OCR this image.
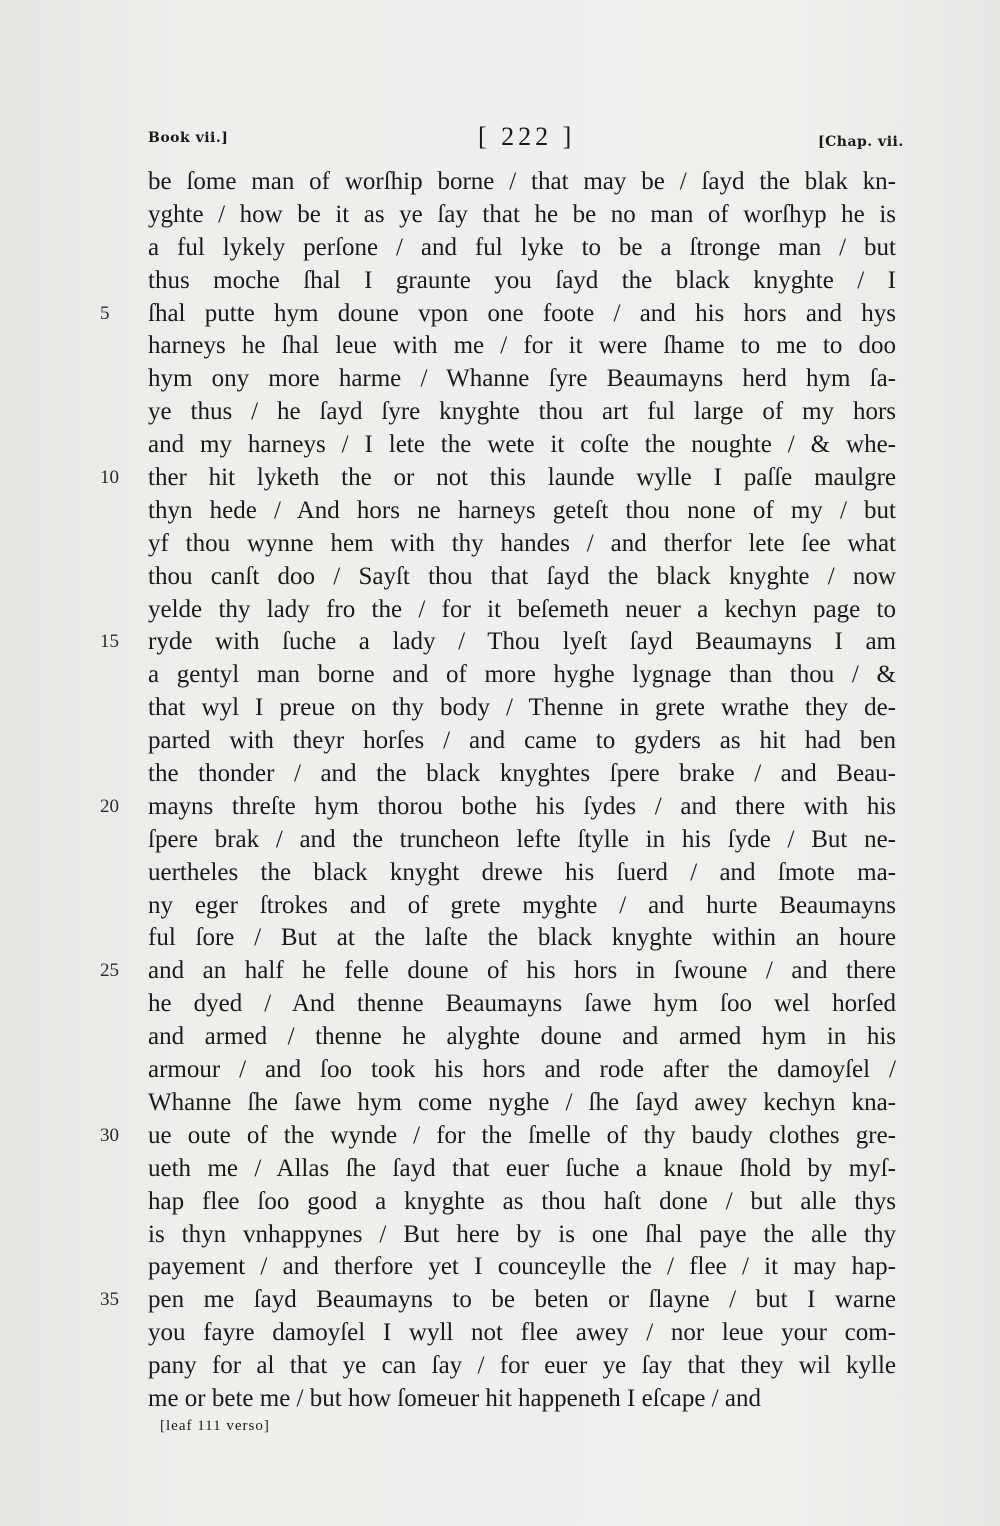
Book vii.]	[ 222 ]	[Chap. vii.
be ſome man of worſhip borne / that may be / ſayd the blak kn-
yghte / how be it as ye ſay that he be no man of worſhyp he is
a ful lykely perſone / and ful lyke to be a ſtronge man / but
thus moche ſhal I graunte you ſayd the black knyghte / I
5	ſhal putte hym doune vpon one foote / and his hors and hys
harneys he ſhal leue with me / for it were ſhame to me to doo
hym ony more harme / Whanne ſyre Beaumayns herd hym ſa-
ye thus / he ſayd ſyre knyghte thou art ful large of my hors
and my harneys / I lete the wete it coſte the noughte / & whe-
10	ther hit lyketh the or not this launde wylle I paſſe maulgre
thyn hede / And hors ne harneys geteſt thou none of my / but
yf thou wynne hem with thy handes / and therfor lete ſee what
thou canſt doo / Sayſt thou that ſayd the black knyghte / now
yelde thy lady fro the / for it beſemeth neuer a kechyn page to
15	ryde with ſuche a lady / Thou lyeſt ſayd Beaumayns I am
a gentyl man borne and of more hyghe lygnage than thou / &
that wyl I preue on thy body / Thenne in grete wrathe they de-
parted with theyr horſes / and came to gyders as hit had ben
the thonder / and the black knyghtes ſpere brake / and Beau-
20	mayns threſte hym thorou bothe his ſydes / and there with his
ſpere brak / and the truncheon lefte ſtylle in his ſyde / But ne-
uertheles the black knyght drewe his ſuerd / and ſmote ma-
ny eger ſtrokes and of grete myghte / and hurte Beaumayns
ful ſore / But at the laſte the black knyghte within an houre
25	and an half he felle doune of his hors in ſwoune / and there
he dyed / And thenne Beaumayns ſawe hym ſoo wel horſed
and armed / thenne he alyghte doune and armed hym in his
armour / and ſoo took his hors and rode after the damoyſel /
Whanne ſhe ſawe hym come nyghe / ſhe ſayd awey kechyn kna-
30	ue oute of the wynde / for the ſmelle of thy baudy clothes gre-
ueth me / Allas ſhe ſayd that euer ſuche a knaue ſhold by myſ-
hap flee ſoo good a knyghte as thou haſt done / but alle thys
is thyn vnhappynes / But here by is one ſhal paye the alle thy
payement / and therfore yet I counceylle the / flee / it may hap-
35	pen me ſayd Beaumayns to be beten or ſlayne / but I warne
you fayre damoyſel I wyll not flee awey / nor leue your com-
pany for al that ye can ſay / for euer ye ſay that they wil kylle
me or bete me / but how ſomeuer hit happeneth I eſcape / and
[leaf 111 verso]
